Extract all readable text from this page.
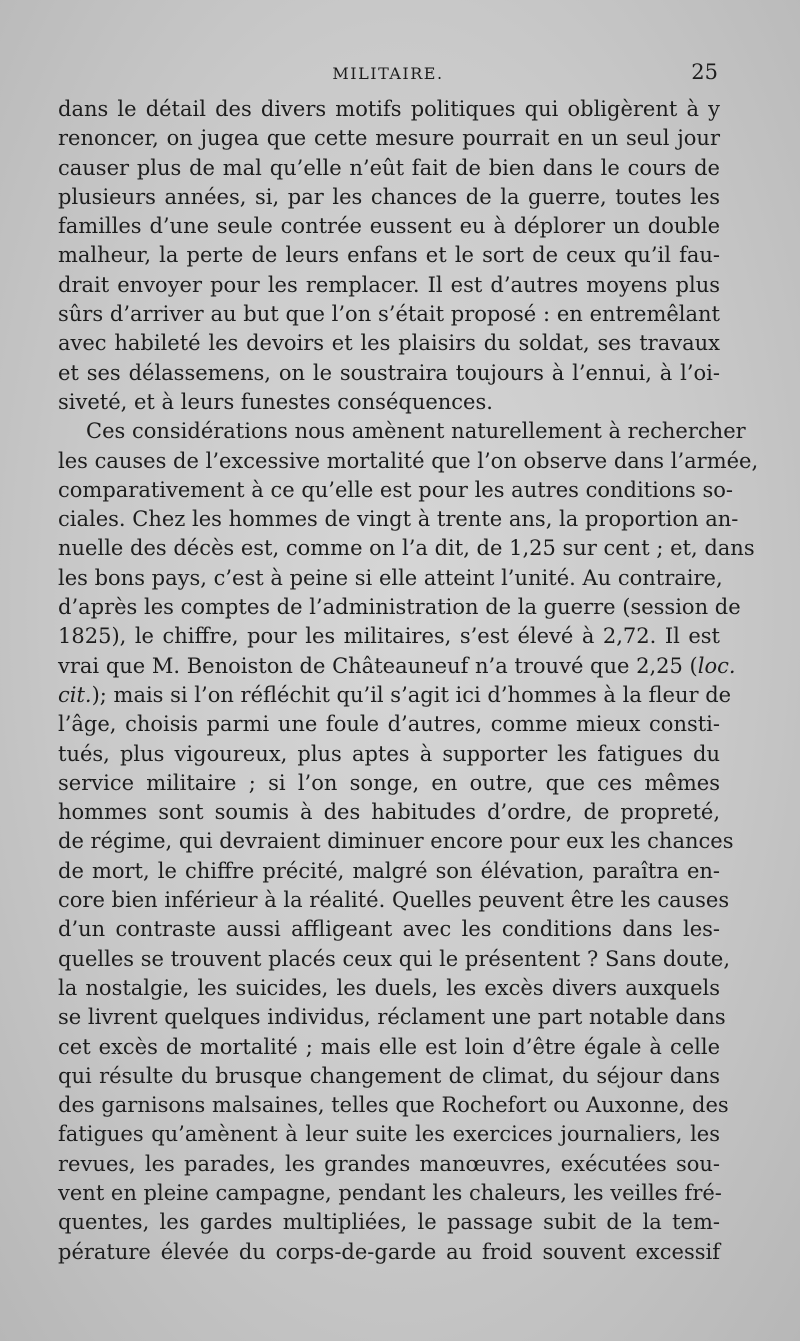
MILITAIRE.	25
dans le détail des divers motifs politiques qui obligèrent à y
renoncer, on jugea que cette mesure pourrait en un seul jour
causer plus de mal qu’elle n’eût fait de bien dans le cours de
plusieurs années, si, par les chances de la guerre, toutes les
familles d’une seule contrée eussent eu à déplorer un double
malheur, la perte de leurs enfans et le sort de ceux qu’il fau-
drait envoyer pour les remplacer. Il est d’autres moyens plus
sûrs d’arriver au but que l’on s’était proposé : en entremêlant
avec habileté les devoirs et les plaisirs du soldat, ses travaux
et ses délassemens, on le soustraira toujours à l’ennui, à l’oi-
siveté, et à leurs funestes conséquences.
Ces considérations nous amènent naturellement à rechercher
les causes de l’excessive mortalité que l’on observe dans l’armée,
comparativement à ce qu’elle est pour les autres conditions so-
ciales. Chez les hommes de vingt à trente ans, la proportion an-
nuelle des décès est, comme on l’a dit, de 1,25 sur cent ; et, dans
les bons pays, c’est à peine si elle atteint l’unité. Au contraire,
d’après les comptes de l’administration de la guerre (session de
1825), le chiffre, pour les militaires, s’est élevé à 2,72. Il est
vrai que M. Benoiston de Châteauneuf n’a trouvé que 2,25 (loc.
cit.); mais si l’on réfléchit qu’il s’agit ici d’hommes à la fleur de
l’âge, choisis parmi une foule d’autres, comme mieux consti-
tués, plus vigoureux, plus aptes à supporter les fatigues du
service militaire ; si l’on songe, en outre, que ces mêmes
hommes sont soumis à des habitudes d’ordre, de propreté,
de régime, qui devraient diminuer encore pour eux les chances
de mort, le chiffre précité, malgré son élévation, paraîtra en-
core bien inférieur à la réalité. Quelles peuvent être les causes
d’un contraste aussi affligeant avec les conditions dans les-
quelles se trouvent placés ceux qui le présentent ? Sans doute,
la nostalgie, les suicides, les duels, les excès divers auxquels
se livrent quelques individus, réclament une part notable dans
cet excès de mortalité ; mais elle est loin d’être égale à celle
qui résulte du brusque changement de climat, du séjour dans
des garnisons malsaines, telles que Rochefort ou Auxonne, des
fatigues qu’amènent à leur suite les exercices journaliers, les
revues, les parades, les grandes manœuvres, exécutées sou-
vent en pleine campagne, pendant les chaleurs, les veilles fré-
quentes, les gardes multipliées, le passage subit de la tem-
pérature élevée du corps-de-garde au froid souvent excessif
